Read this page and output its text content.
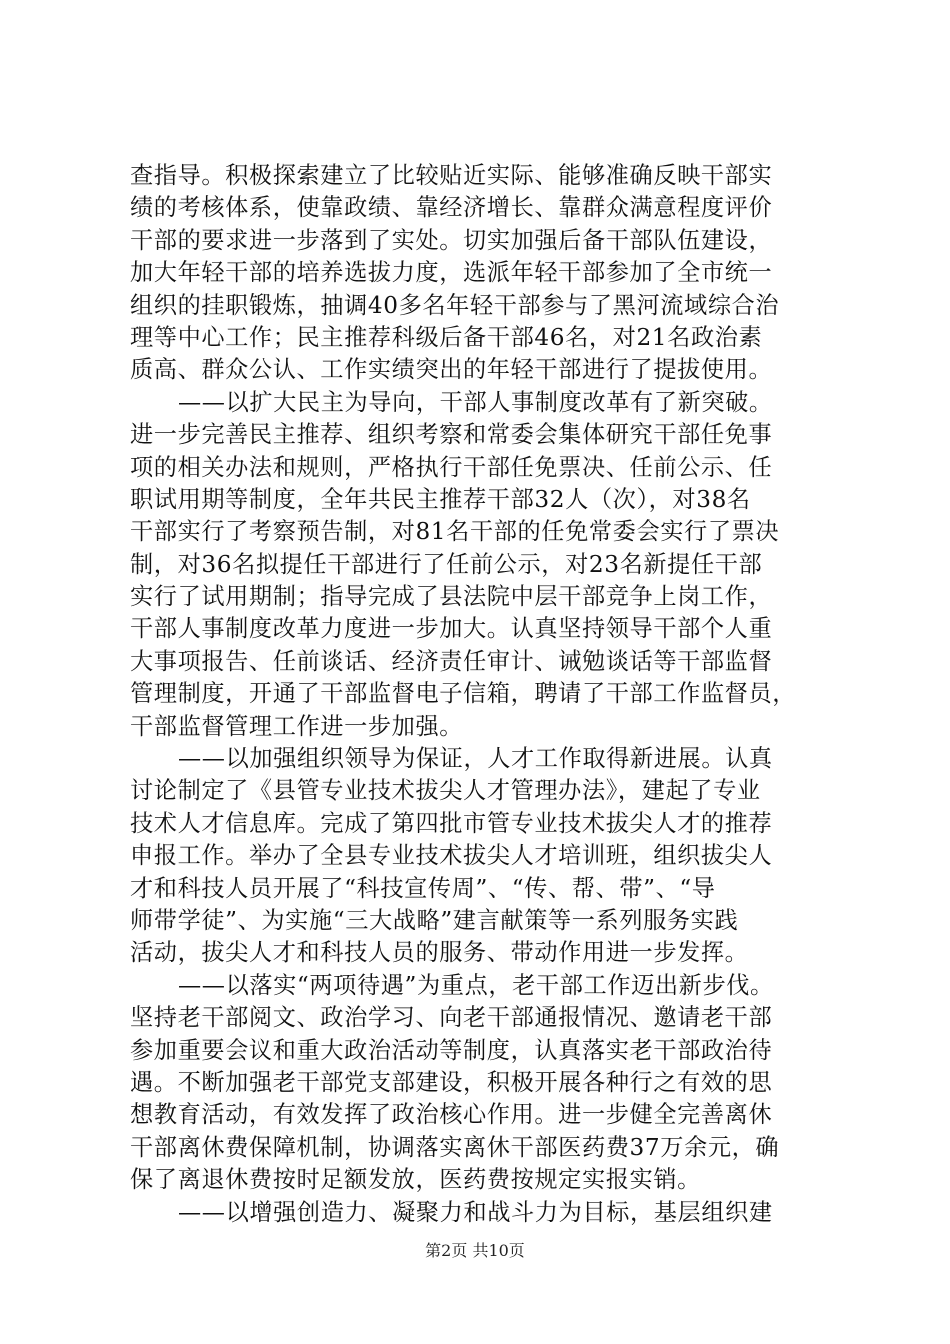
查指导。积极探索建立了比较贴近实际、能够准确反映干部实
绩的考核体系，使靠政绩、靠经济增长、靠群众满意程度评价
干部的要求进一步落到了实处。切实加强后备干部队伍建设，
加大年轻干部的培养选拔力度，选派年轻干部参加了全市统一
组织的挂职锻炼，抽调40多名年轻干部参与了黑河流域综合治
理等中心工作；民主推荐科级后备干部46名，对21名政治素
质高、群众公认、工作实绩突出的年轻干部进行了提拔使用。
——以扩大民主为导向，干部人事制度改革有了新突破。
进一步完善民主推荐、组织考察和常委会集体研究干部任免事
项的相关办法和规则，严格执行干部任免票决、任前公示、任
职试用期等制度，全年共民主推荐干部32人（次），对38名
干部实行了考察预告制，对81名干部的任免常委会实行了票决
制，对36名拟提任干部进行了任前公示，对23名新提任干部
实行了试用期制；指导完成了县法院中层干部竞争上岗工作，
干部人事制度改革力度进一步加大。认真坚持领导干部个人重
大事项报告、任前谈话、经济责任审计、诫勉谈话等干部监督
管理制度，开通了干部监督电子信箱，聘请了干部工作监督员，
干部监督管理工作进一步加强。
——以加强组织领导为保证，人才工作取得新进展。认真
讨论制定了《县管专业技术拔尖人才管理办法》，建起了专业
技术人才信息库。完成了第四批市管专业技术拔尖人才的推荐
申报工作。举办了全县专业技术拔尖人才培训班，组织拔尖人
才和科技人员开展了“科技宣传周”、“传、帮、带”、“导
师带学徒”、为实施“三大战略”建言献策等一系列服务实践
活动，拔尖人才和科技人员的服务、带动作用进一步发挥。
——以落实“两项待遇”为重点，老干部工作迈出新步伐。
坚持老干部阅文、政治学习、向老干部通报情况、邀请老干部
参加重要会议和重大政治活动等制度，认真落实老干部政治待
遇。不断加强老干部党支部建设，积极开展各种行之有效的思
想教育活动，有效发挥了政治核心作用。进一步健全完善离休
干部离休费保障机制，协调落实离休干部医药费37万余元，确
保了离退休费按时足额发放，医药费按规定实报实销。
——以增强创造力、凝聚力和战斗力为目标，基层组织建
第2页 共10页
